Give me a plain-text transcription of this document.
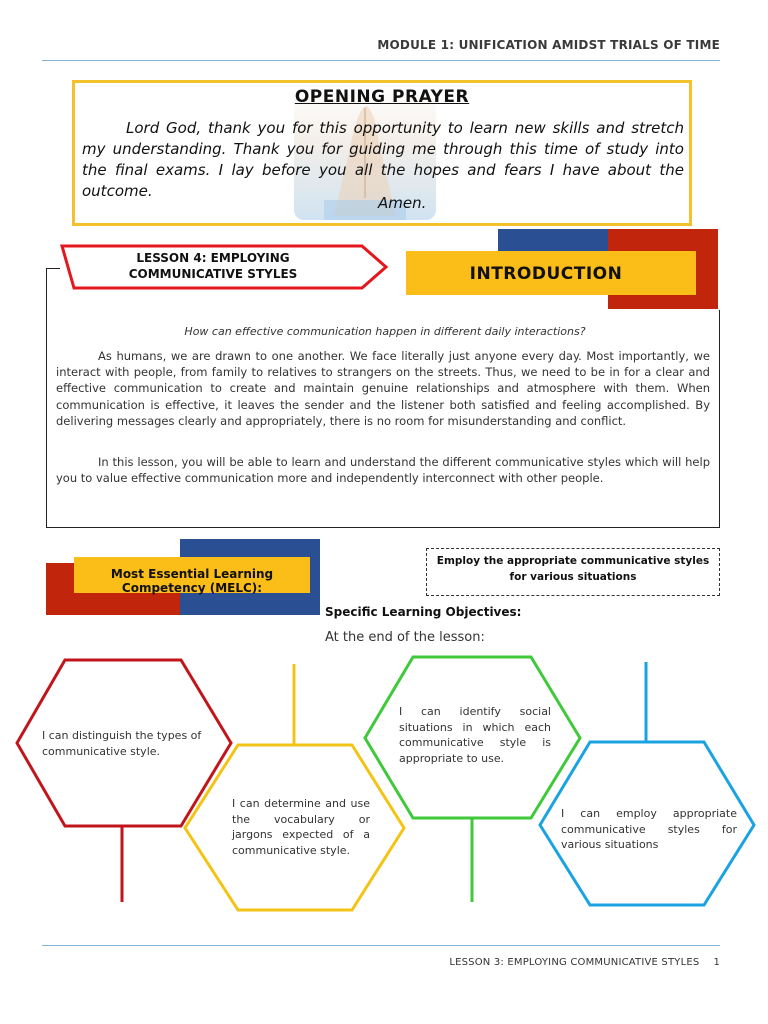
MODULE 1: UNIFICATION AMIDST TRIALS OF TIME
OPENING PRAYER
Lord God, thank you for this opportunity to learn new skills and stretch my understanding. Thank you for guiding me through this time of study into the final exams. I lay before you all the hopes and fears I have about the outcome.
Amen.
LESSON 4: EMPLOYING
COMMUNICATIVE STYLES	INTRODUCTION
How can effective communication happen in different daily interactions?
As humans, we are drawn to one another. We face literally just anyone every day. Most importantly, we interact with people, from family to relatives to strangers on the streets. Thus, we need to be in for a clear and effective communication to create and maintain genuine relationships and atmosphere with them. When communication is effective, it leaves the sender and the listener both satisfied and feeling accomplished. By delivering messages clearly and appropriately, there is no room for misunderstanding and conflict.
In this lesson, you will be able to learn and understand the different communicative styles which will help you to value effective communication more and independently interconnect with other people.
Most Essential Learning Competency (MELC):
Employ the appropriate communicative styles for various situations
Specific Learning Objectives:
At the end of the lesson:
I can distinguish the types of communicative style.
I can determine and use the vocabulary or jargons expected of a communicative style.
I can identify social situations in which each communicative style is appropriate to use.
I can employ appropriate communicative styles for various situations
LESSON 3: EMPLOYING COMMUNICATIVE STYLES 1
